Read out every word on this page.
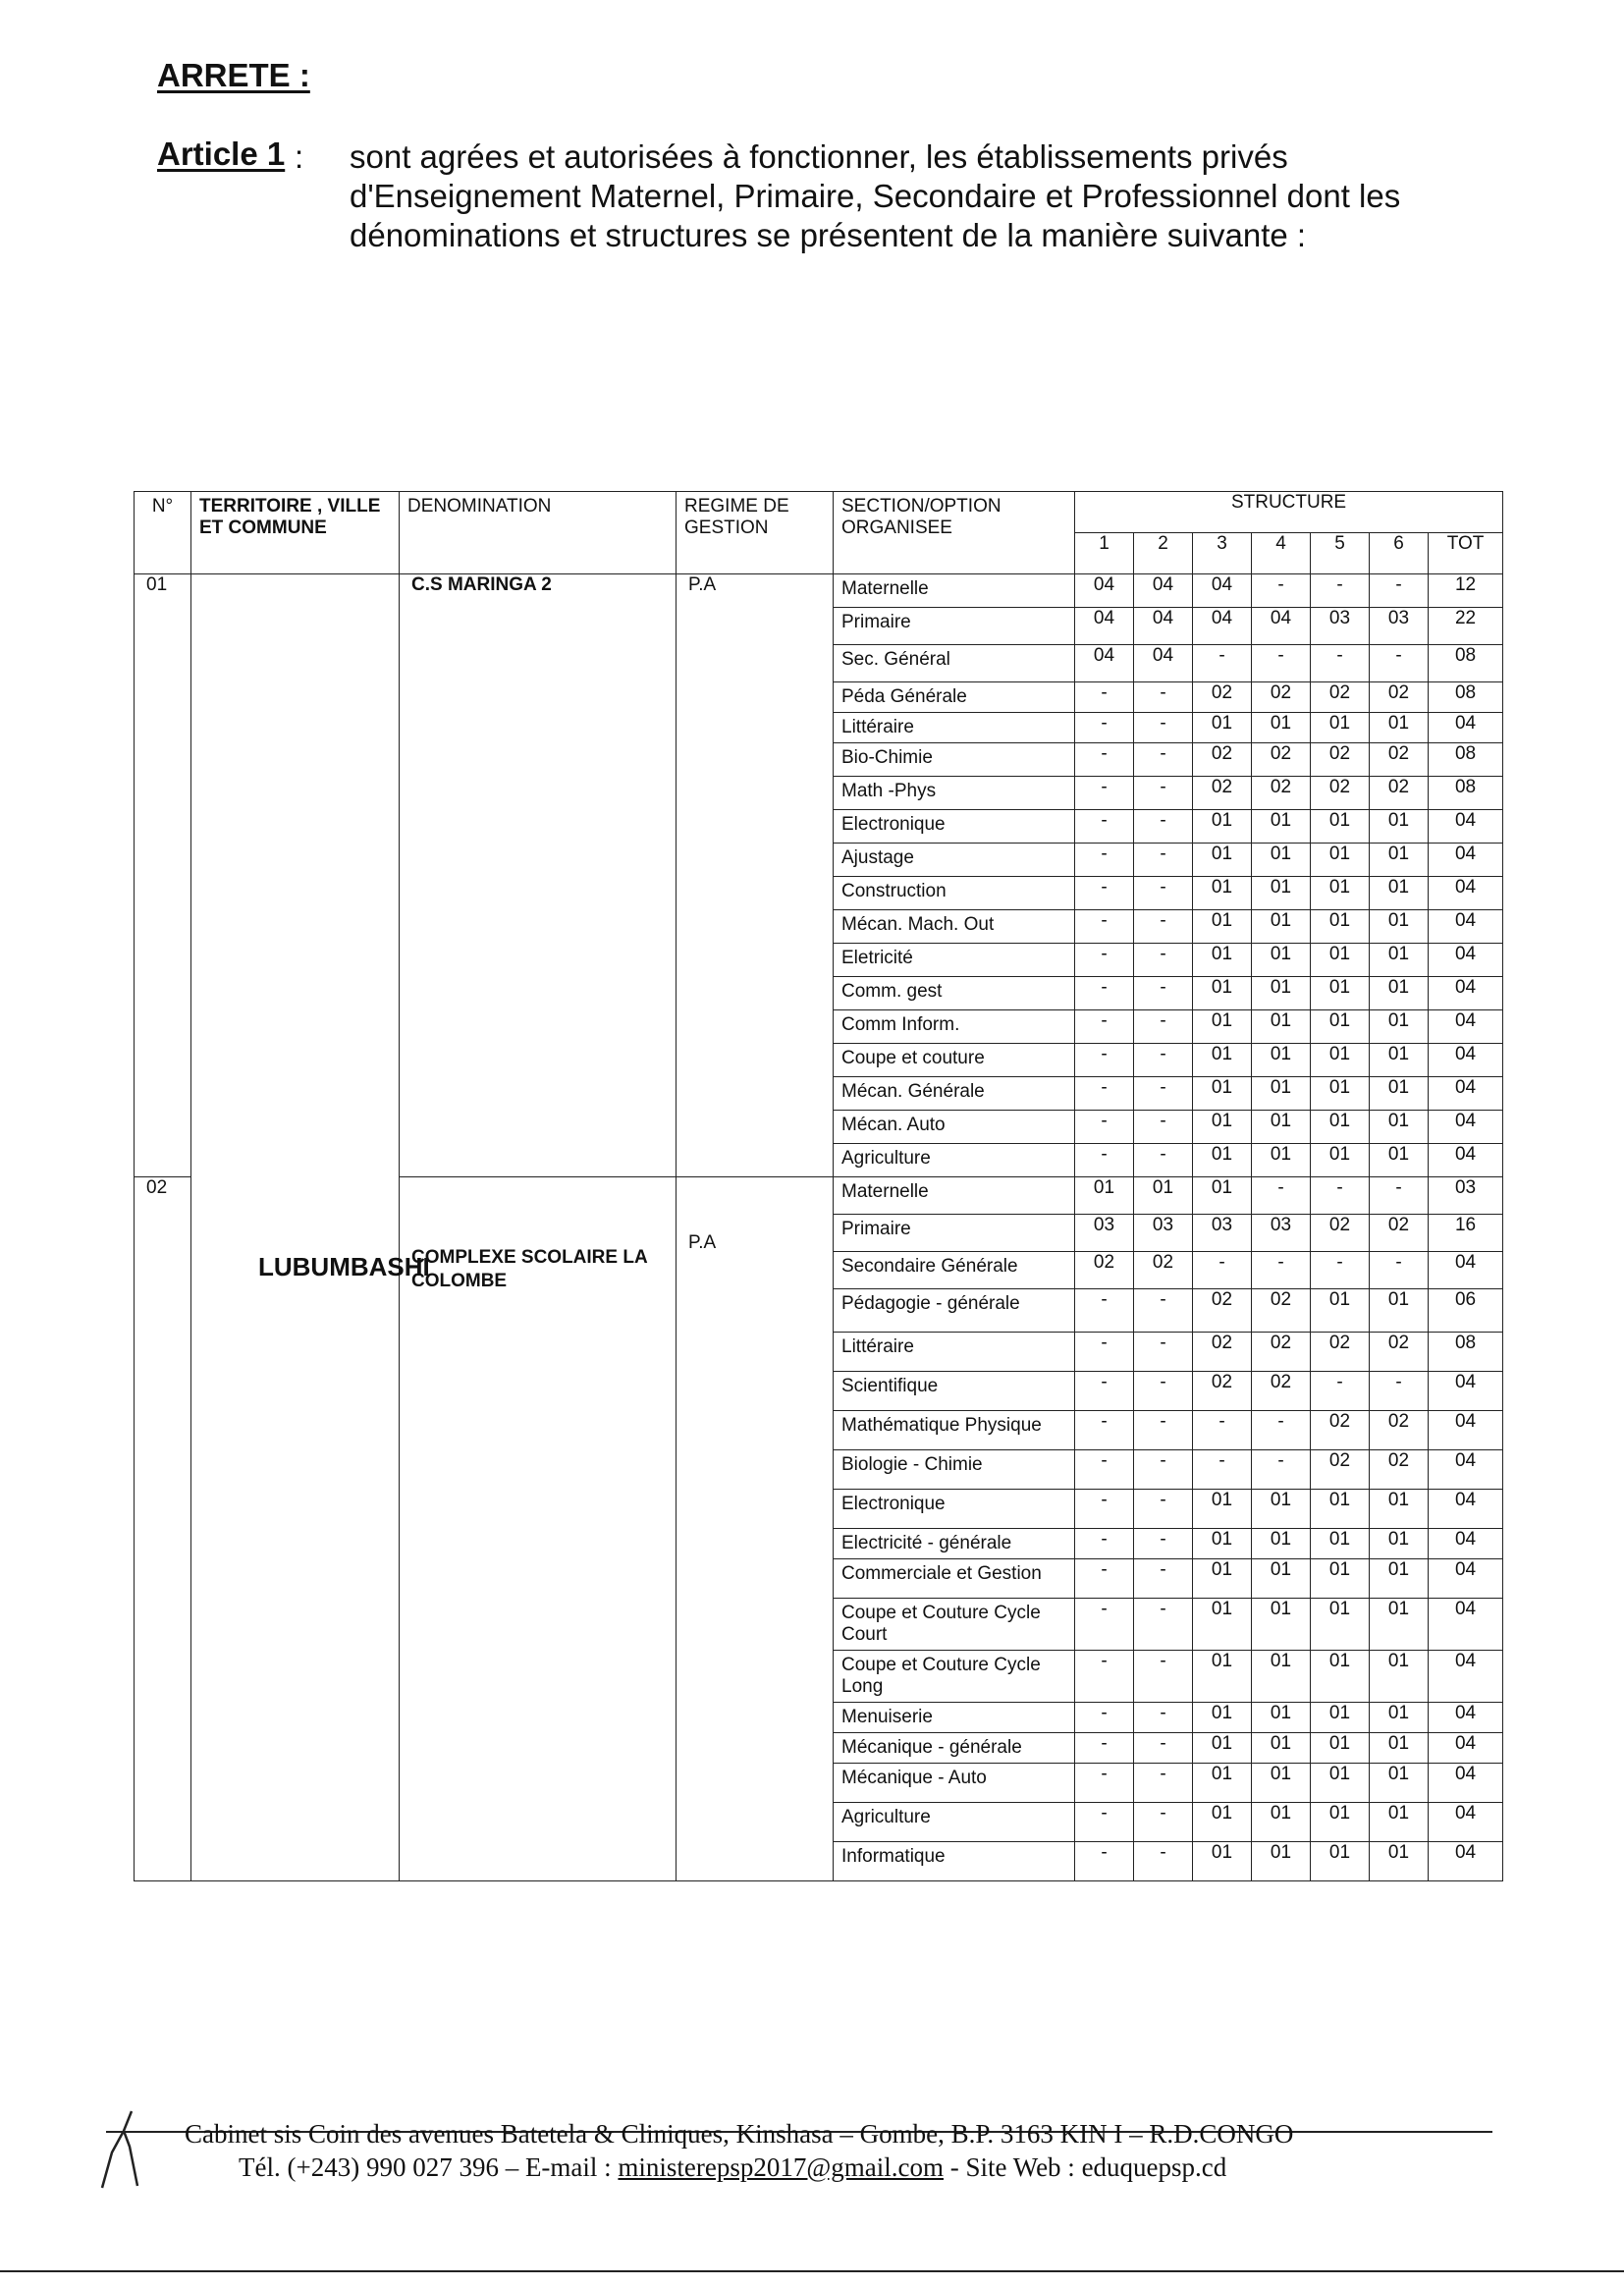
ARRETE :
Article 1 : sont agrées et autorisées à fonctionner, les établissements privés
d'Enseignement Maternel, Primaire, Secondaire et Professionnel dont les
dénominations et structures se présentent de la manière suivante :
N°	TERRITOIRE , VILLE ET COMMUNE	DENOMINATION	REGIME DE GESTION	SECTION/OPTION ORGANISEE	STRUCTURE						
					1	2	3	4	5	6	TOT
01	LUBUMBASHI	C.S MARINGA 2	P.A	Maternelle	04	04	04	-	-	-	12
				Primaire	04	04	04	04	03	03	22
				Sec. Général	04	04	-	-	-	-	08
				Péda Générale	-	-	02	02	02	02	08
				Littéraire	-	-	01	01	01	01	04
				Bio-Chimie	-	-	02	02	02	02	08
				Math -Phys	-	-	02	02	02	02	08
				Electronique	-	-	01	01	01	01	04
				Ajustage	-	-	01	01	01	01	04
				Construction	-	-	01	01	01	01	04
				Mécan. Mach. Out	-	-	01	01	01	01	04
				Eletricité	-	-	01	01	01	01	04
				Comm. gest	-	-	01	01	01	01	04
				Comm Inform.	-	-	01	01	01	01	04
				Coupe et couture	-	-	01	01	01	01	04
				Mécan. Générale	-	-	01	01	01	01	04
				Mécan. Auto	-	-	01	01	01	01	04
				Agriculture	-	-	01	01	01	01	04
02		COMPLEXE SCOLAIRE LA COLOMBE	P.A	Maternelle	01	01	01	-	-	-	03
				Primaire	03	03	03	03	02	02	16
				Secondaire Générale	02	02	-	-	-	-	04
				Pédagogie - générale	-	-	02	02	01	01	06
				Littéraire	-	-	02	02	02	02	08
				Scientifique	-	-	02	02	-	-	04
				Mathématique Physique	-	-	-	-	02	02	04
				Biologie - Chimie	-	-	-	-	02	02	04
				Electronique	-	-	01	01	01	01	04
				Electricité - générale	-	-	01	01	01	01	04
				Commerciale et Gestion	-	-	01	01	01	01	04
				Coupe et Couture Cycle Court	-	-	01	01	01	01	04
				Coupe et Couture Cycle Long	-	-	01	01	01	01	04
				Menuiserie	-	-	01	01	01	01	04
				Mécanique - générale	-	-	01	01	01	01	04
				Mécanique - Auto	-	-	01	01	01	01	04
				Agriculture	-	-	01	01	01	01	04
				Informatique	-	-	01	01	01	01	04
Cabinet sis Coin des avenues Batetela & Cliniques, Kinshasa – Gombe, B.P. 3163 KIN I – R.D.CONGO
Tél. (+243) 990 027 396 – E-mail : ministerepsp2017@gmail.com - Site Web : eduquepsp.cd
